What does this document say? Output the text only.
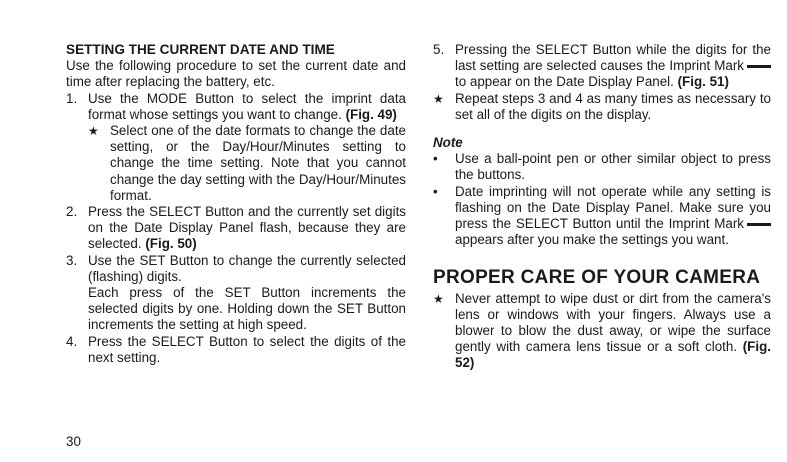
SETTING THE CURRENT DATE AND TIME

Use the following procedure to set the current date and time after replacing the battery, etc.

1. Use the MODE Button to select the imprint data format whose settings you want to change. (Fig. 49)
★ Select one of the date formats to change the date setting, or the Day/Hour/Minutes setting to change the time setting. Note that you cannot change the day setting with the Day/Hour/Minutes format.
2. Press the SELECT Button and the currently set digits on the Date Display Panel flash, because they are selected. (Fig. 50)
3. Use the SET Button to change the currently selected (flashing) digits.
Each press of the SET Button increments the selected digits by one. Holding down the SET Button increments the setting at high speed.
4. Press the SELECT Button to select the digits of the next setting.
5. Pressing the SELECT Button while the digits for the last setting are selected causes the Imprint Mark to appear on the Date Display Panel. (Fig. 51)
★ Repeat steps 3 and 4 as many times as necessary to set all of the digits on the display.
Note
• Use a ball-point pen or other similar object to press the buttons.
• Date imprinting will not operate while any setting is flashing on the Date Display Panel. Make sure you press the SELECT Button until the Imprint Mark appears after you make the settings you want.
PROPER CARE OF YOUR CAMERA
★ Never attempt to wipe dust or dirt from the camera's lens or windows with your fingers. Always use a blower to blow the dust away, or wipe the surface gently with camera lens tissue or a soft cloth. (Fig. 52)
30
